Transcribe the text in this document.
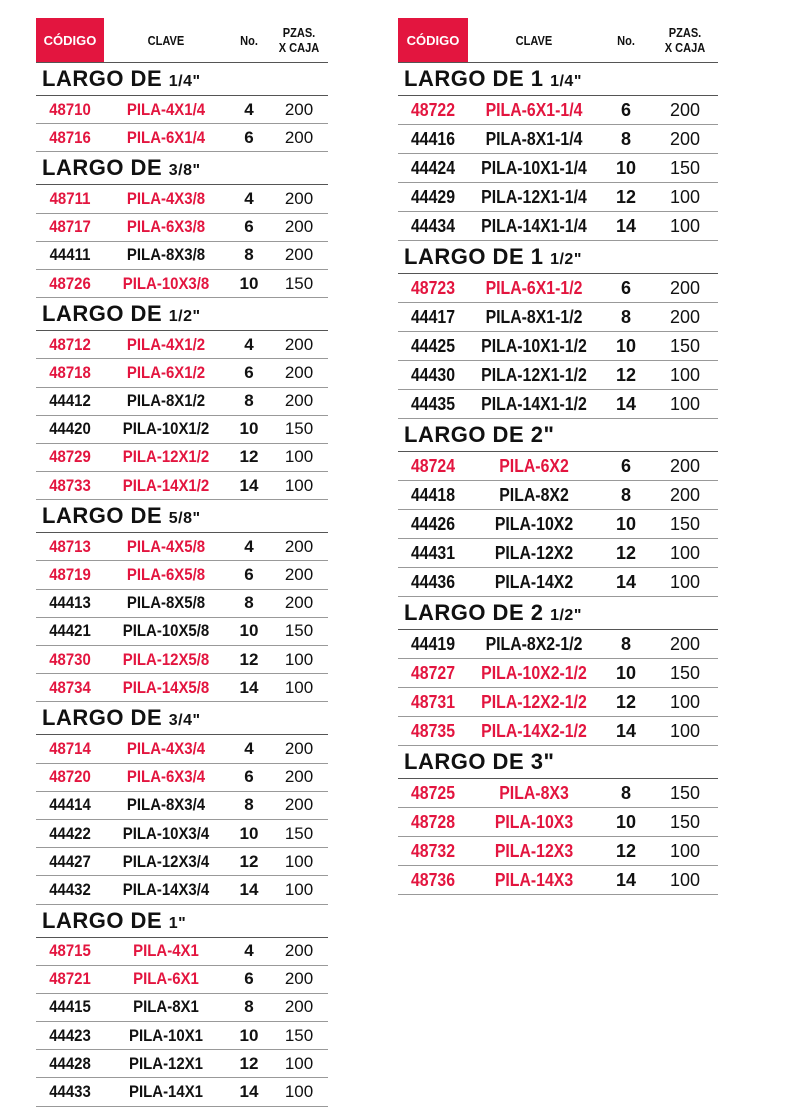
CÓDIGO	CLAVE	No.	PZAS.
X CAJA
LARGO DE 1/4"
48710	PILA-4X1/4	4	200
48716	PILA-6X1/4	6	200
LARGO DE 3/8"
48711	PILA-4X3/8	4	200
48717	PILA-6X3/8	6	200
44411	PILA-8X3/8	8	200
48726	PILA-10X3/8	10	150
LARGO DE 1/2"
48712	PILA-4X1/2	4	200
48718	PILA-6X1/2	6	200
44412	PILA-8X1/2	8	200
44420	PILA-10X1/2	10	150
48729	PILA-12X1/2	12	100
48733	PILA-14X1/2	14	100
LARGO DE 5/8"
48713	PILA-4X5/8	4	200
48719	PILA-6X5/8	6	200
44413	PILA-8X5/8	8	200
44421	PILA-10X5/8	10	150
48730	PILA-12X5/8	12	100
48734	PILA-14X5/8	14	100
LARGO DE 3/4"
48714	PILA-4X3/4	4	200
48720	PILA-6X3/4	6	200
44414	PILA-8X3/4	8	200
44422	PILA-10X3/4	10	150
44427	PILA-12X3/4	12	100
44432	PILA-14X3/4	14	100
LARGO DE 1"
48715	PILA-4X1	4	200
48721	PILA-6X1	6	200
44415	PILA-8X1	8	200
44423	PILA-10X1	10	150
44428	PILA-12X1	12	100
44433	PILA-14X1	14	100
CÓDIGO	CLAVE	No.	PZAS.
X CAJA
LARGO DE 1 1/4"
48722	PILA-6X1-1/4	6	200
44416	PILA-8X1-1/4	8	200
44424	PILA-10X1-1/4	10	150
44429	PILA-12X1-1/4	12	100
44434	PILA-14X1-1/4	14	100
LARGO DE 1 1/2"
48723	PILA-6X1-1/2	6	200
44417	PILA-8X1-1/2	8	200
44425	PILA-10X1-1/2	10	150
44430	PILA-12X1-1/2	12	100
44435	PILA-14X1-1/2	14	100
LARGO DE 2"
48724	PILA-6X2	6	200
44418	PILA-8X2	8	200
44426	PILA-10X2	10	150
44431	PILA-12X2	12	100
44436	PILA-14X2	14	100
LARGO DE 2 1/2"
44419	PILA-8X2-1/2	8	200
48727	PILA-10X2-1/2	10	150
48731	PILA-12X2-1/2	12	100
48735	PILA-14X2-1/2	14	100
LARGO DE 3"
48725	PILA-8X3	8	150
48728	PILA-10X3	10	150
48732	PILA-12X3	12	100
48736	PILA-14X3	14	100
